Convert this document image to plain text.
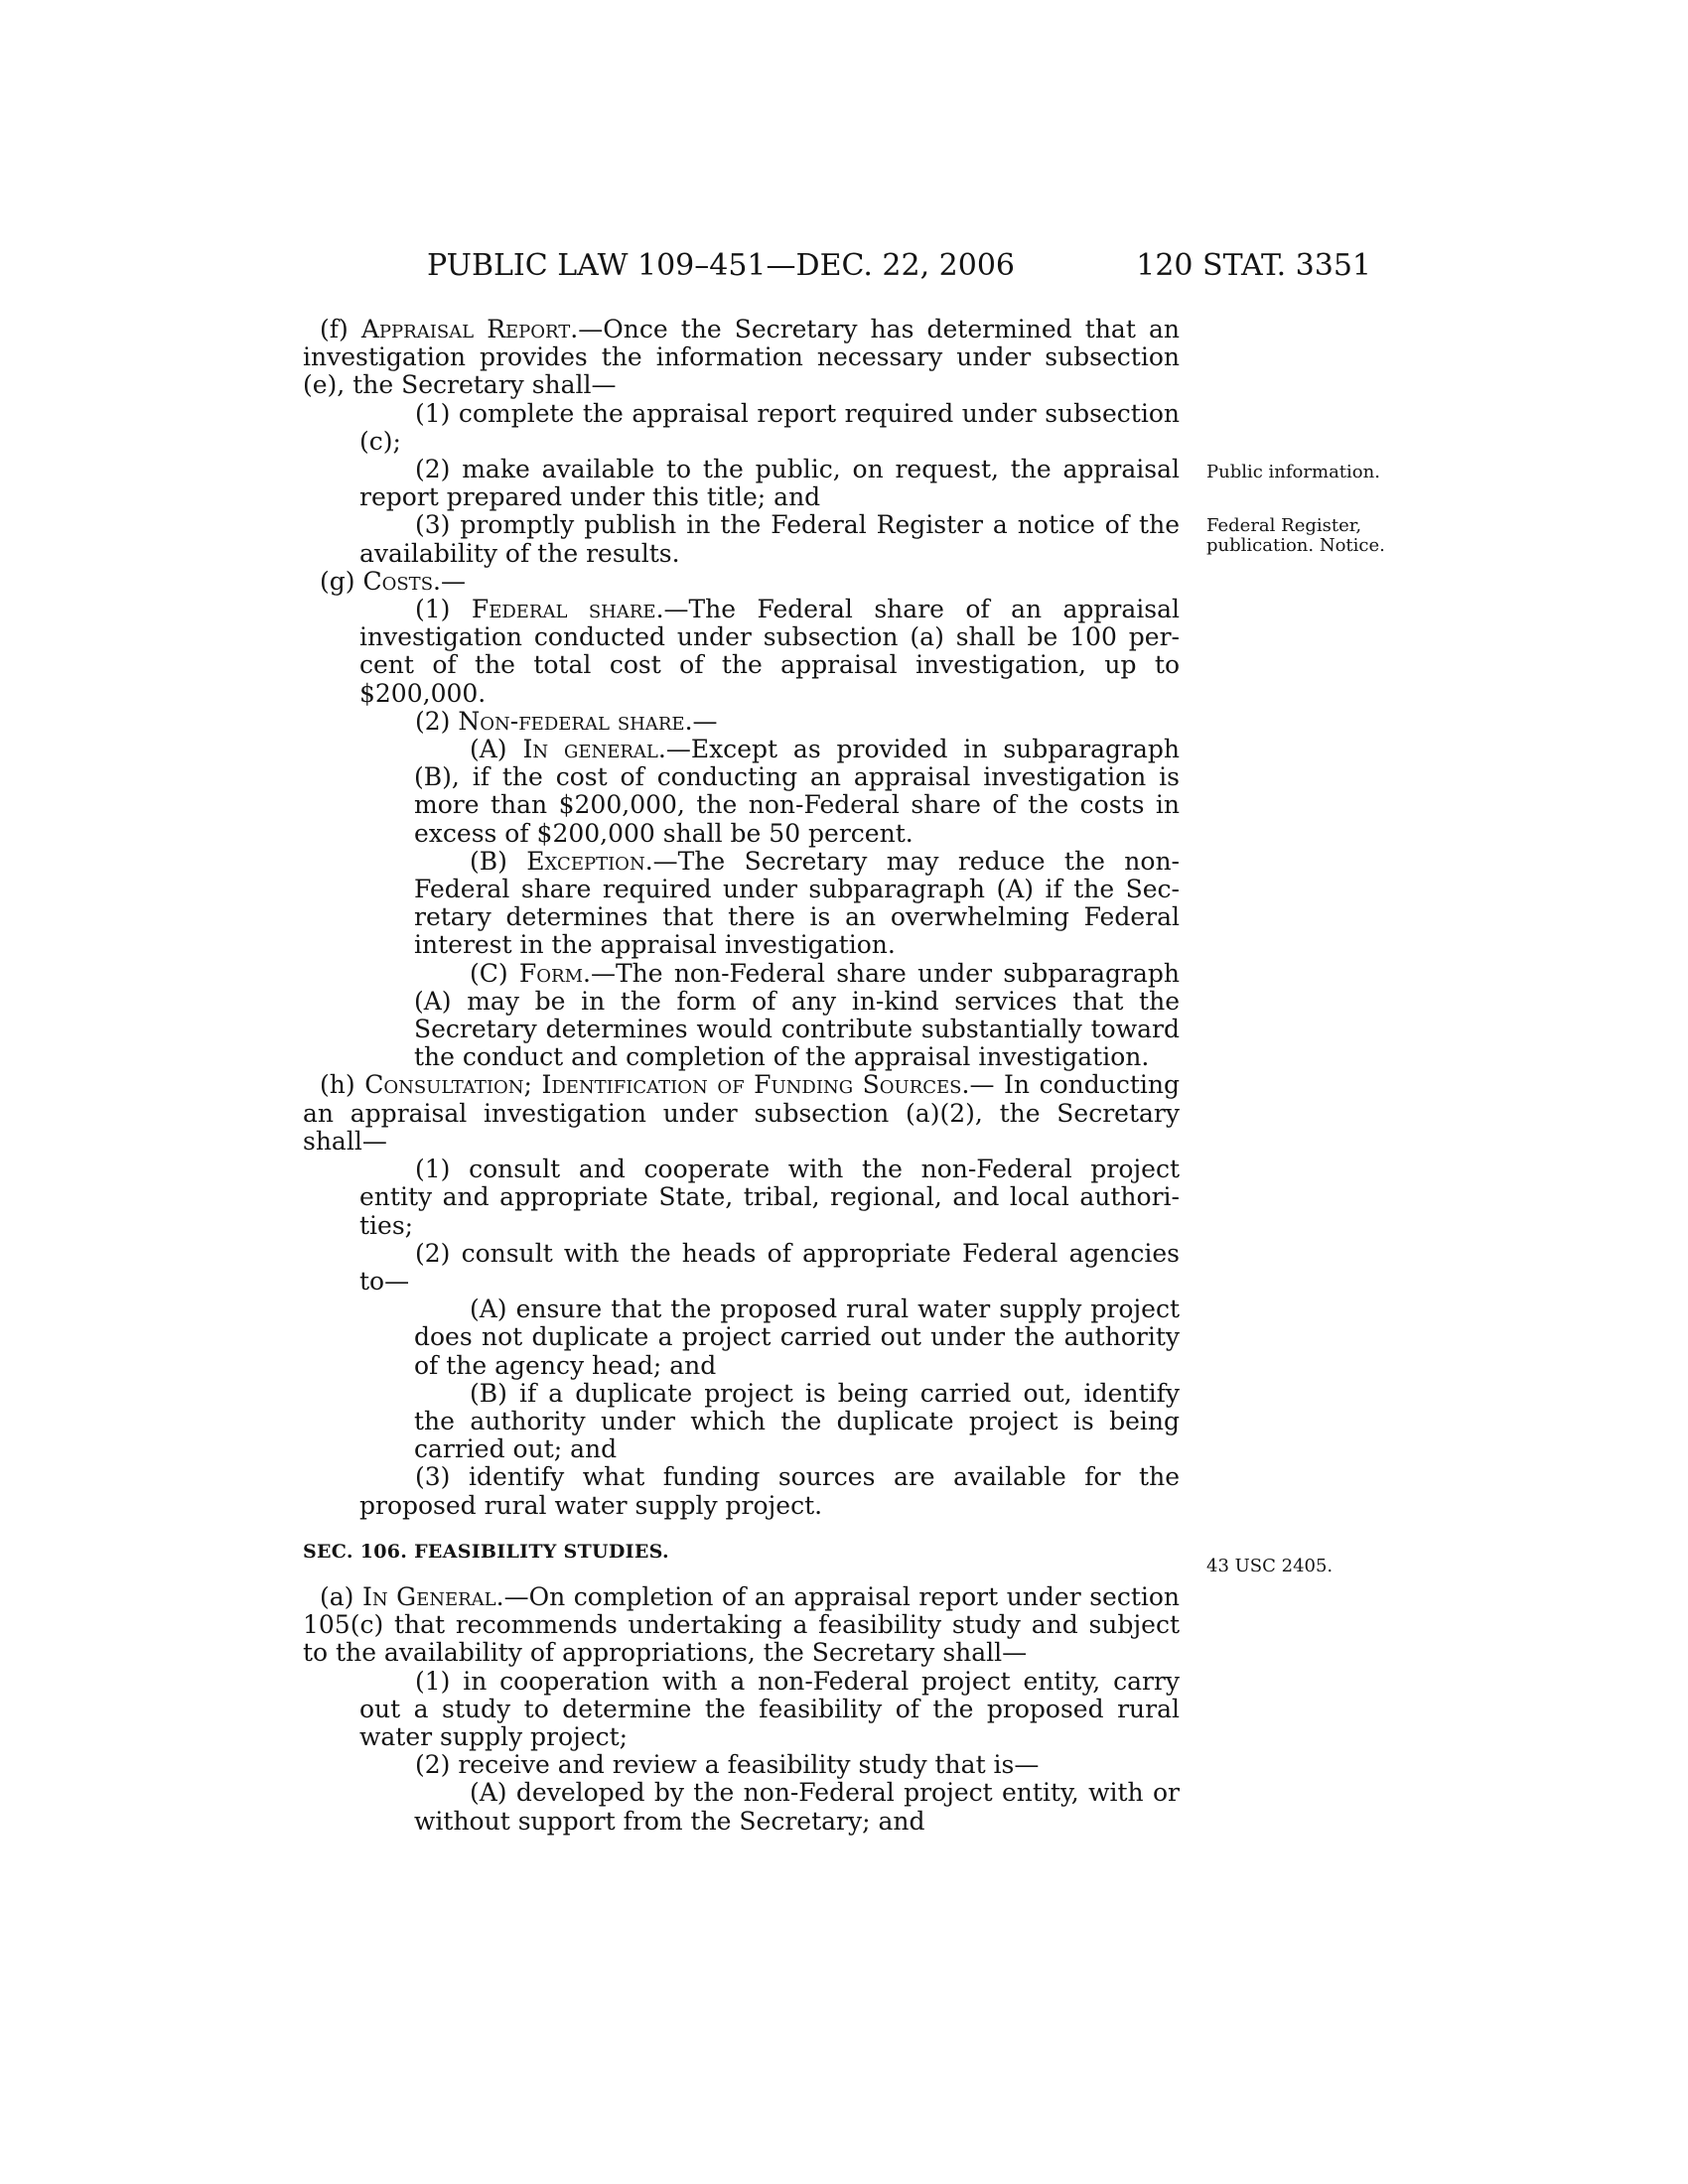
PUBLIC LAW 109–451—DEC. 22, 2006	120 STAT. 3351
Public information.
Federal Register, publication. Notice.
43 USC 2405.

(f) Appraisal Report.—Once the Secretary has determined that an investigation provides the information necessary under subsection (e), the Secretary shall—

(1) complete the appraisal report required under subsection (c);

(2) make available to the public, on request, the appraisal report prepared under this title; and

(3) promptly publish in the Federal Register a notice of the availability of the results.

(g) Costs.—

(1) Federal share.—The Federal share of an appraisal investigation conducted under subsection (a) shall be 100 percent of the total cost of the appraisal investigation, up to $200,000.

(2) Non-federal share.—

(A) In general.—Except as provided in subparagraph (B), if the cost of conducting an appraisal investigation is more than $200,000, the non-Federal share of the costs in excess of $200,000 shall be 50 percent.

(B) Exception.—The Secretary may reduce the non-Federal share required under subparagraph (A) if the Secretary determines that there is an overwhelming Federal interest in the appraisal investigation.

(C) Form.—The non-Federal share under subparagraph (A) may be in the form of any in-kind services that the Secretary determines would contribute substantially toward the conduct and completion of the appraisal investigation.

(h) Consultation; Identification of Funding Sources.— In conducting an appraisal investigation under subsection (a)(2), the Secretary shall—

(1) consult and cooperate with the non-Federal project entity and appropriate State, tribal, regional, and local authorities;

(2) consult with the heads of appropriate Federal agencies to—

(A) ensure that the proposed rural water supply project does not duplicate a project carried out under the authority of the agency head; and

(B) if a duplicate project is being carried out, identify the authority under which the duplicate project is being carried out; and

(3) identify what funding sources are available for the proposed rural water supply project.

SEC. 106. FEASIBILITY STUDIES.

(a) In General.—On completion of an appraisal report under section 105(c) that recommends undertaking a feasibility study and subject to the availability of appropriations, the Secretary shall—

(1) in cooperation with a non-Federal project entity, carry out a study to determine the feasibility of the proposed rural water supply project;

(2) receive and review a feasibility study that is—

(A) developed by the non-Federal project entity, with or without support from the Secretary; and
